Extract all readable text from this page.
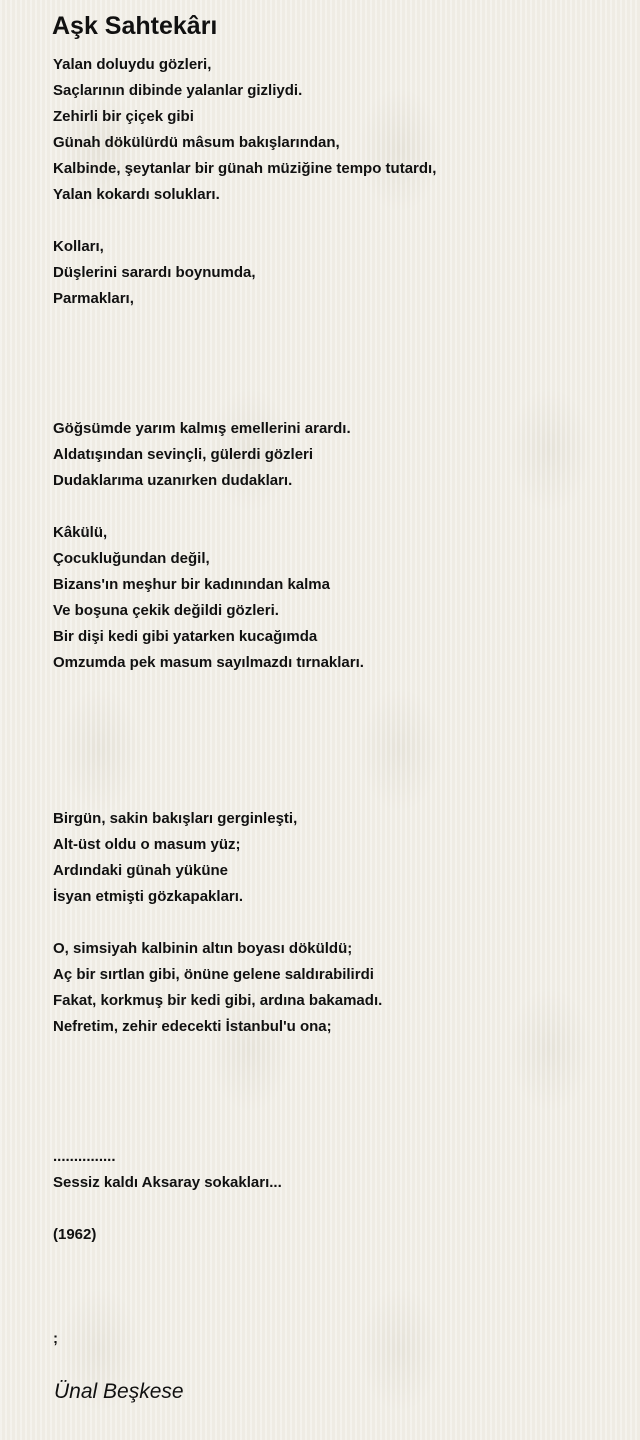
Aşk Sahtekârı
Yalan doluydu gözleri,
Saçlarının dibinde yalanlar gizliydi.
Zehirli bir çiçek gibi
Günah dökülürdü mâsum bakışlarından,
Kalbinde, şeytanlar bir günah müziğine tempo tutardı,
Yalan kokardı solukları.
Kolları,
Düşlerini sarardı boynumda,
Parmakları,
Göğsümde yarım kalmış emellerini arardı.
Aldatışından sevinçli, gülerdi gözleri
Dudaklarıma uzanırken dudakları.
Kâkülü,
Çocukluğundan değil,
Bizans'ın meşhur bir kadınından kalma
Ve boşuna çekik değildi gözleri.
Bir dişi kedi gibi yatarken kucağımda
Omzumda pek masum sayılmazdı tırnakları.
Birgün, sakin bakışları gerginleşti,
Alt-üst oldu o masum yüz;
Ardındaki günah yüküne
İsyan etmişti gözkapakları.
O, simsiyah kalbinin altın boyası döküldü;
Aç bir sırtlan gibi, önüne gelene saldırabilirdi
Fakat, korkmuş bir kedi gibi, ardına bakamadı.
Nefretim, zehir edecekti İstanbul'u ona;
...............
Sessiz kaldı Aksaray sokakları...
(1962)
;
Ünal Beşkese
